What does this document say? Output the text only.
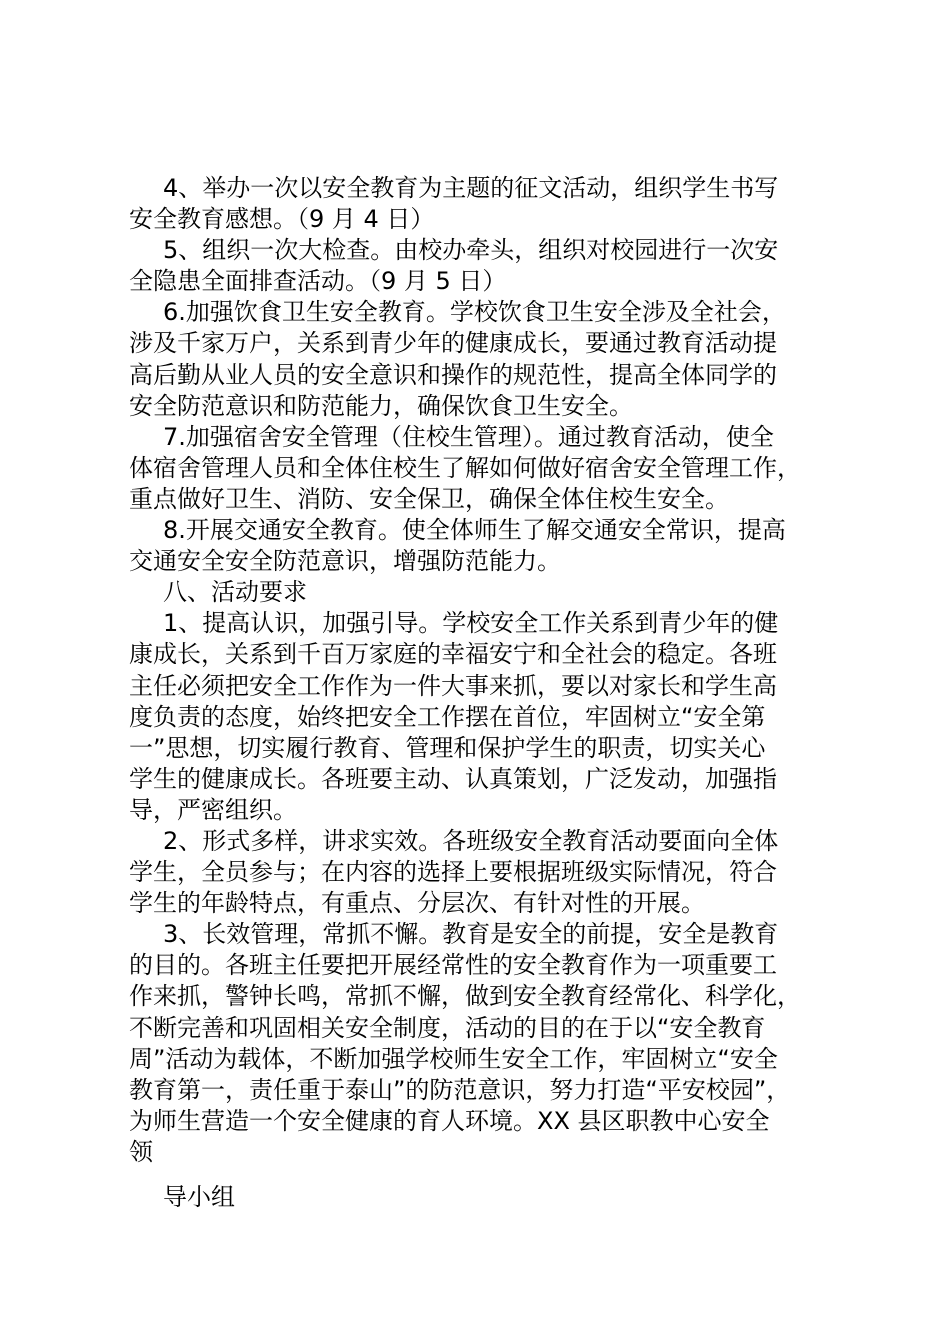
4、举办一次以安全教育为主题的征文活动，组织学生书写
安全教育感想。（9 月 4 日）
5、组织一次大检查。由校办牵头，组织对校园进行一次安
全隐患全面排查活动。（9 月 5 日）
6.加强饮食卫生安全教育。学校饮食卫生安全涉及全社会，
涉及千家万户，关系到青少年的健康成长，要通过教育活动提
高后勤从业人员的安全意识和操作的规范性，提高全体同学的
安全防范意识和防范能力，确保饮食卫生安全。
7.加强宿舍安全管理（住校生管理）。通过教育活动，使全
体宿舍管理人员和全体住校生了解如何做好宿舍安全管理工作，
重点做好卫生、消防、安全保卫，确保全体住校生安全。
8.开展交通安全教育。使全体师生了解交通安全常识，提高
交通安全安全防范意识，增强防范能力。
八、活动要求
1、提高认识，加强引导。学校安全工作关系到青少年的健
康成长，关系到千百万家庭的幸福安宁和全社会的稳定。各班
主任必须把安全工作作为一件大事来抓，要以对家长和学生高
度负责的态度，始终把安全工作摆在首位，牢固树立“安全第
一”思想，切实履行教育、管理和保护学生的职责，切实关心
学生的健康成长。各班要主动、认真策划，广泛发动，加强指
导，严密组织。
2、形式多样，讲求实效。各班级安全教育活动要面向全体
学生，全员参与；在内容的选择上要根据班级实际情况，符合
学生的年龄特点，有重点、分层次、有针对性的开展。
3、长效管理，常抓不懈。教育是安全的前提，安全是教育
的目的。各班主任要把开展经常性的安全教育作为一项重要工
作来抓，警钟长鸣，常抓不懈，做到安全教育经常化、科学化，
不断完善和巩固相关安全制度，活动的目的在于以“安全教育
周”活动为载体，不断加强学校师生安全工作，牢固树立“安全
教育第一，责任重于泰山”的防范意识，努力打造“平安校园”，
为师生营造一个安全健康的育人环境。XX 县区职教中心安全
领
导小组
